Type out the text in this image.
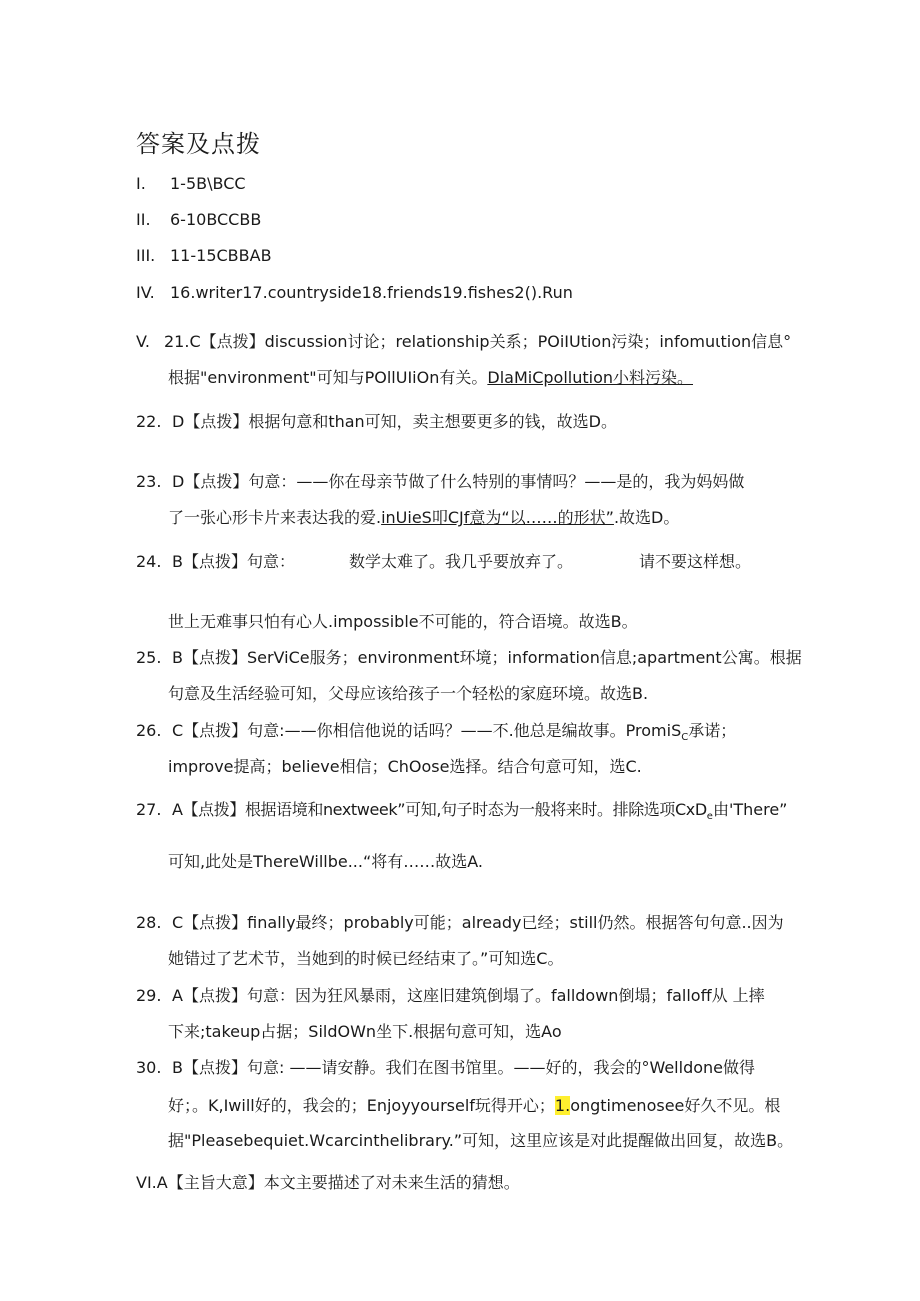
答案及点拨
I. 1-5B\BCC
II. 6-10BCCBB
III. 11-15CBBAB
IV. 16.writer17.countryside18.friends19.fishes2().Run
V. 21.C【点拨】discussion讨论；relationship关系；POiIUtion污染；infomuιtion信息°
根据"environment"可知与POllUIiOn有关。DlaMiCpollution小料污染。
22. D【点拨】根据句意和than可知，卖主想要更多的钱，故选D。
23. D【点拨】句意：——你在母亲节做了什么特别的事情吗？——是的，我为妈妈做
了一张心形卡片来表达我的爱.inUieS叩CJf意为“以……的形状”.故选D。
24. B【点拨】句意：	数学太难了。我几乎要放弃了。	请不要这样想。
世上无难事只怕有心人.impossible不可能的，符合语境。故选B。
25. B【点拨】SerViCe服务；environment环境；information信息;apartment公寓。根据
句意及生活经验可知，父母应该给孩子一个轻松的家庭环境。故选B.
26. C【点拨】句意:——你相信他说的话吗？——不.他总是编故事。PromiS$_C$承诺；
improve提高；believe相信；ChOose选择。结合句意可知，选C.
27. A【点拨】根据语境和nextweek”可知,句子时态为一般将来时。排除选项CxD$_e$由'There”
可知,此处是ThereWillbe...“将有……故选A.
28. C【点拨】finally最终；probably可能；already已经；still仍然。根据答句句意..因为
她错过了艺术节，当她到的时候已经结束了。”可知选C。
29. A【点拨】句意：因为狂风暴雨，这座旧建筑倒塌了。falldown倒塌；falloff从 上摔
下来;takeup占据；SildOWn坐下.根据句意可知，选Ao
30. B【点拨】句意: ——请安静。我们在图书馆里。——好的，我会的°Welldone做得
好；。K,Iwill好的，我会的；Enjoyyourself玩得开心；1.ongtimenosee好久不见。根
据"Pleasebequiet.Wcarcinthelibrary.”可知，这里应该是对此提醒做出回复，故选B。
VI.A【主旨大意】本文主要描述了对未来生活的猜想。
